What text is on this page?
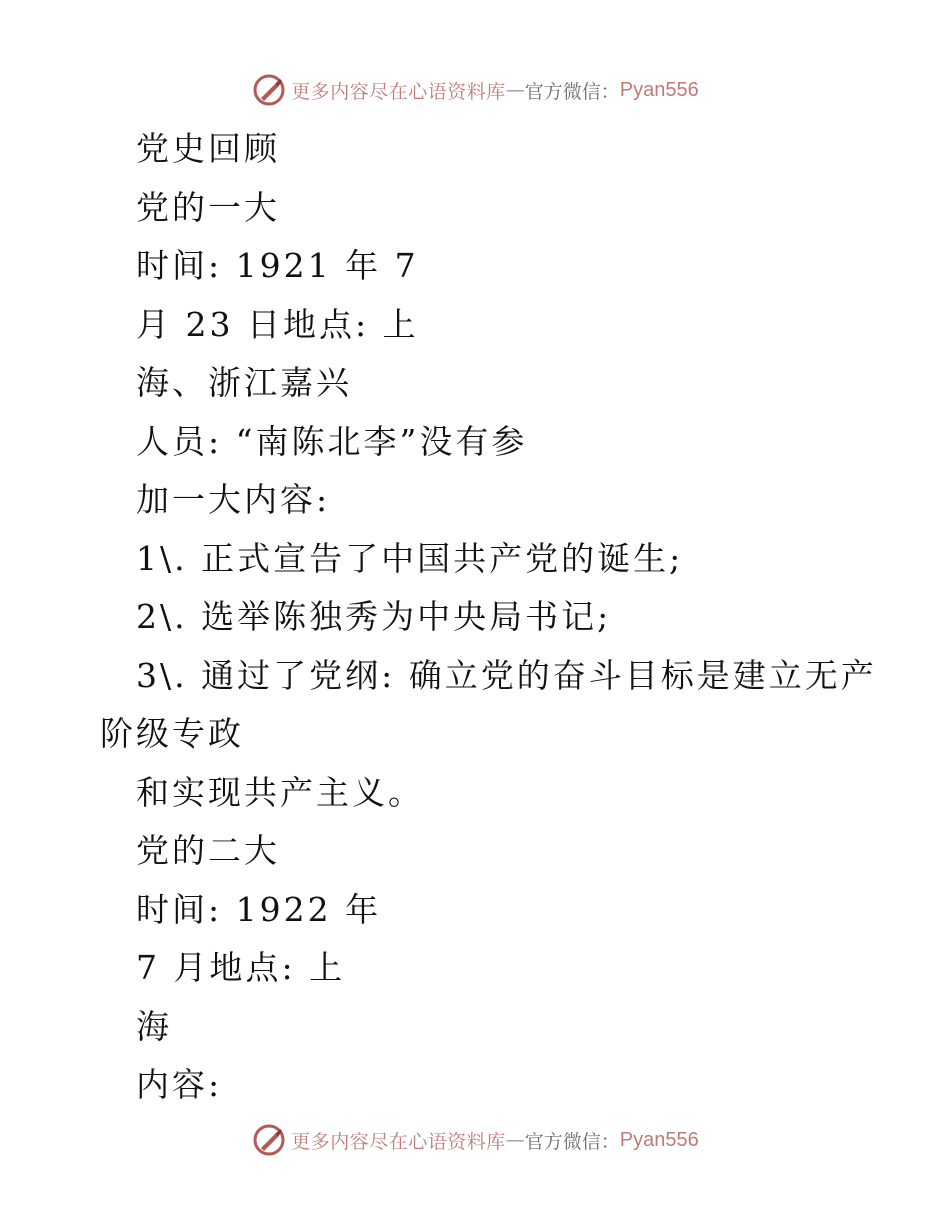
更多内容尽在心语资料库 — 官方微信： Pyan556
党史回顾
党的一大
时间: 1921 年 7
月 23 日地点: 上
海、浙江嘉兴
人员: “南陈北李”没有参
加一大内容:
1\. 正式宣告了中国共产党的诞生;
2\. 选举陈独秀为中央局书记;
3\. 通过了党纲: 确立党的奋斗目标是建立无产
阶级专政
和实现共产主义。
党的二大
时间: 1922 年
7 月地点: 上
海
内容:
更多内容尽在心语资料库 — 官方微信： Pyan556
